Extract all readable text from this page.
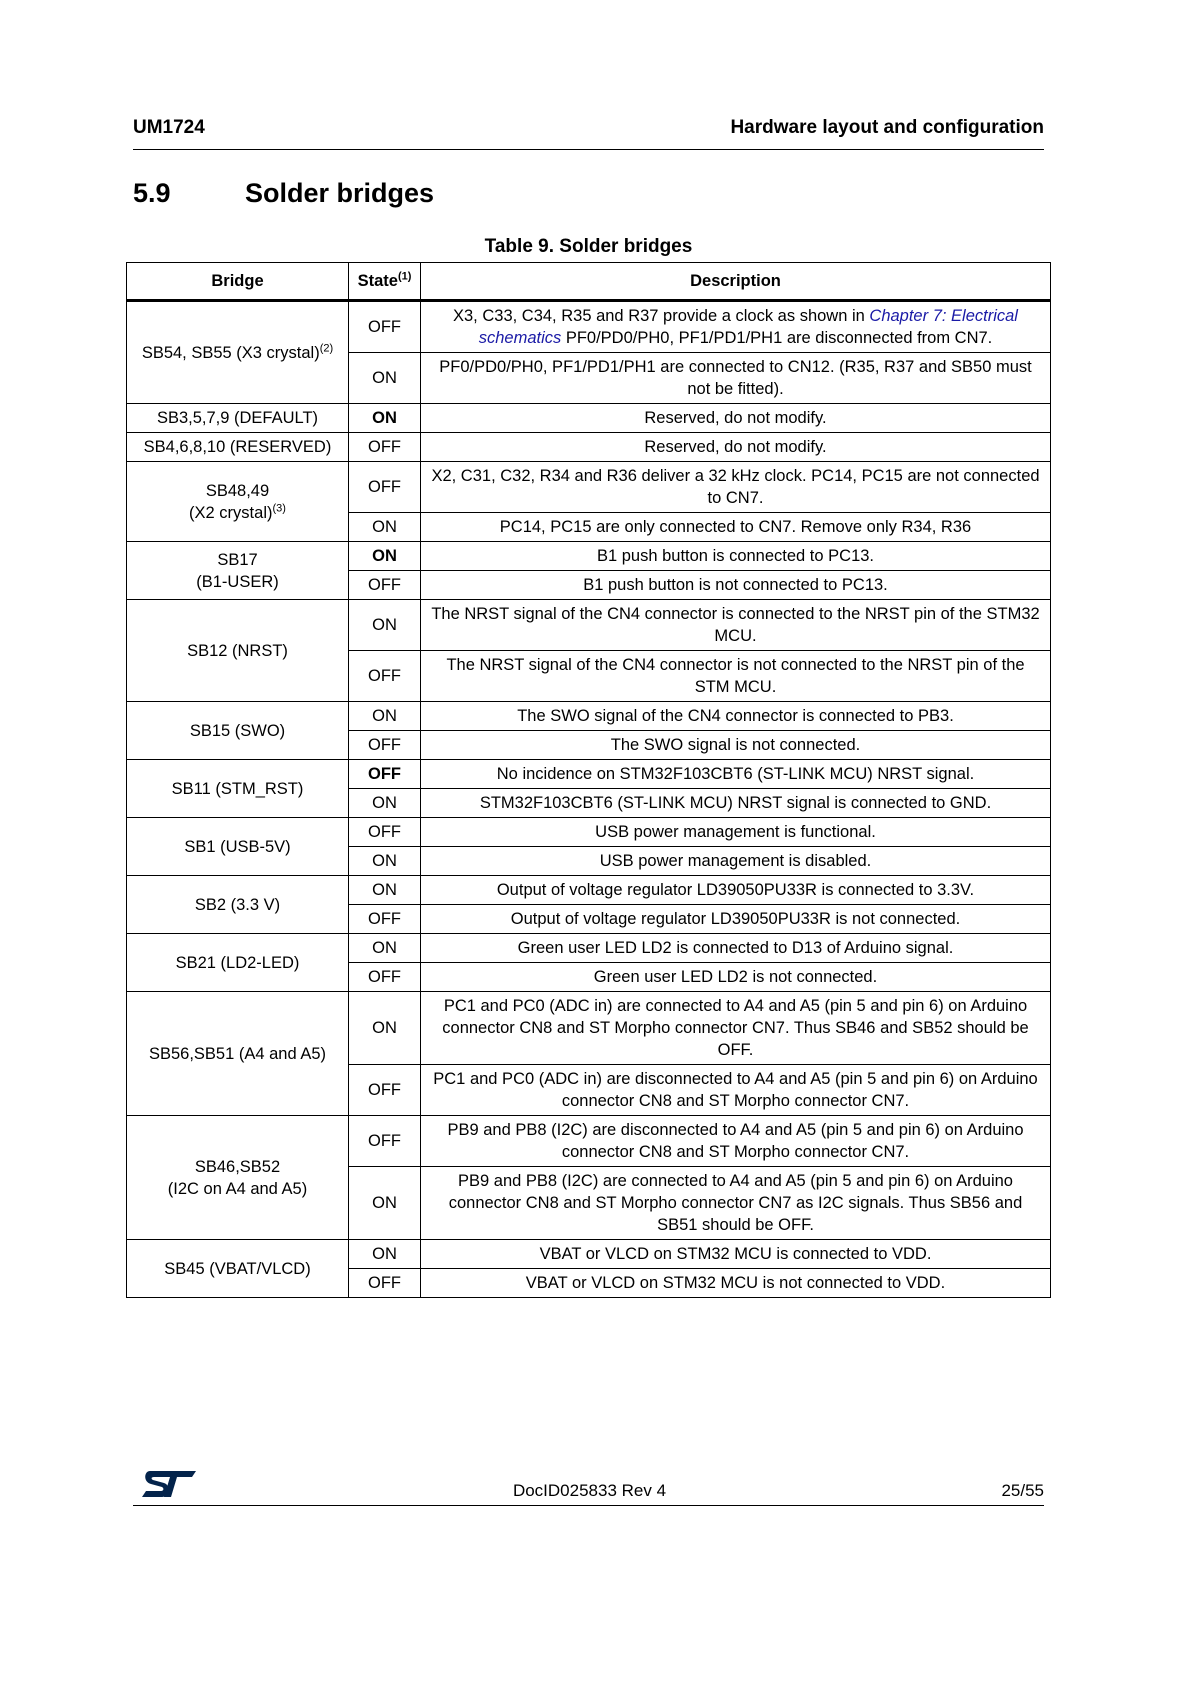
UM1724	Hardware layout and configuration
5.9	Solder bridges
Table 9. Solder bridges
Bridge	State$^{(1)}$	Description
SB54, SB55 (X3 crystal)$^{(2)}$	OFF	X3, C33, C34, R35 and R37 provide a clock as shown in Chapter 7: Electrical schematics PF0/PD0/PH0, PF1/PD1/PH1 are disconnected from CN7.
	ON	PF0/PD0/PH0, PF1/PD1/PH1 are connected to CN12. (R35, R37 and SB50 must not be fitted).
SB3,5,7,9 (DEFAULT)	ON	Reserved, do not modify.
SB4,6,8,10 (RESERVED)	OFF	Reserved, do not modify.
SB48,49
(X2 crystal)$^{(3)}$	OFF	X2, C31, C32, R34 and R36 deliver a 32 kHz clock. PC14, PC15 are not connected to CN7.
	ON	PC14, PC15 are only connected to CN7. Remove only R34, R36
SB17
(B1-USER)	ON	B1 push button is connected to PC13.
	OFF	B1 push button is not connected to PC13.
SB12 (NRST)	ON	The NRST signal of the CN4 connector is connected to the NRST pin of the STM32 MCU.
	OFF	The NRST signal of the CN4 connector is not connected to the NRST pin of the STM MCU.
SB15 (SWO)	ON	The SWO signal of the CN4 connector is connected to PB3.
	OFF	The SWO signal is not connected.
SB11 (STM_RST)	OFF	No incidence on STM32F103CBT6 (ST-LINK MCU) NRST signal.
	ON	STM32F103CBT6 (ST-LINK MCU) NRST signal is connected to GND.
SB1 (USB-5V)	OFF	USB power management is functional.
	ON	USB power management is disabled.
SB2 (3.3 V)	ON	Output of voltage regulator LD39050PU33R is connected to 3.3V.
	OFF	Output of voltage regulator LD39050PU33R is not connected.
SB21 (LD2-LED)	ON	Green user LED LD2 is connected to D13 of Arduino signal.
	OFF	Green user LED LD2 is not connected.
SB56,SB51 (A4 and A5)	ON	PC1 and PC0 (ADC in) are connected to A4 and A5 (pin 5 and pin 6) on Arduino connector CN8 and ST Morpho connector CN7. Thus SB46 and SB52 should be OFF.
	OFF	PC1 and PC0 (ADC in) are disconnected to A4 and A5 (pin 5 and pin 6) on Arduino connector CN8 and ST Morpho connector CN7.
SB46,SB52
(I2C on A4 and A5)	OFF	PB9 and PB8 (I2C) are disconnected to A4 and A5 (pin 5 and pin 6) on Arduino connector CN8 and ST Morpho connector CN7.
	ON	PB9 and PB8 (I2C) are connected to A4 and A5 (pin 5 and pin 6) on Arduino connector CN8 and ST Morpho connector CN7 as I2C signals. Thus SB56 and SB51 should be OFF.
SB45 (VBAT/VLCD)	ON	VBAT or VLCD on STM32 MCU is connected to VDD.
	OFF	VBAT or VLCD on STM32 MCU is not connected to VDD.
DocID025833 Rev 4	25/55
